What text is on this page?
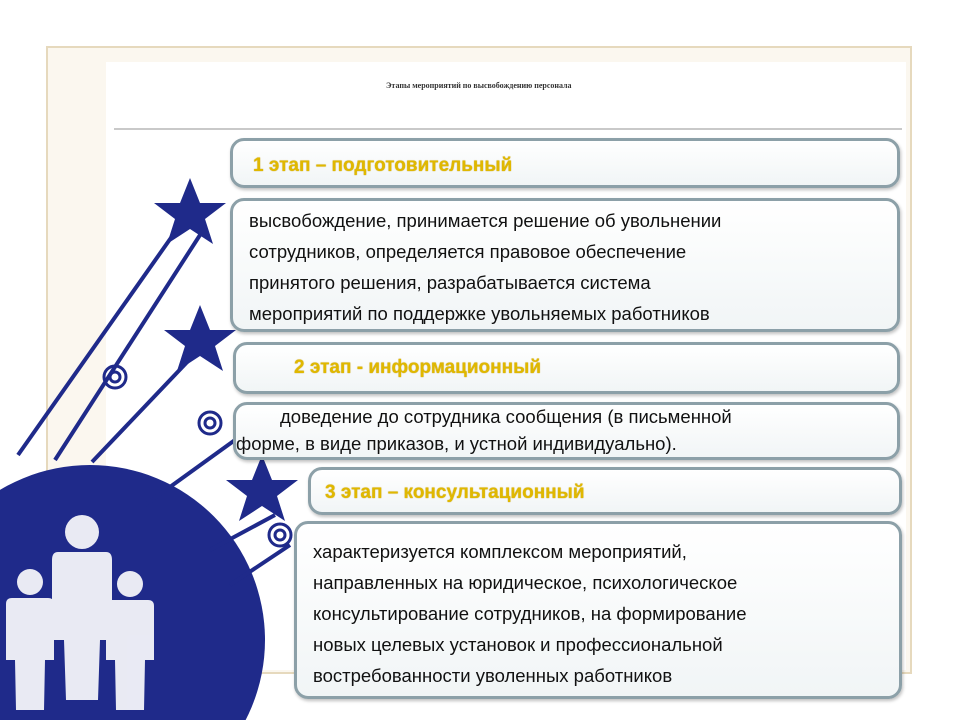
Этапы мероприятий по высвобождению персонала
1 этап – подготовительный
высвобождение, принимается решение об увольнении
сотрудников, определяется правовое обеспечение
принятого решения, разрабатывается система
мероприятий по поддержке увольняемых работников
2 этап - информационный
доведение до сотрудника сообщения (в письменной
форме, в виде приказов, и устной индивидуально).
3 этап – консультационный
характеризуется комплексом мероприятий,
направленных на юридическое, психологическое
консультирование сотрудников, на формирование
новых целевых установок и профессиональной
востребованности уволенных работников
